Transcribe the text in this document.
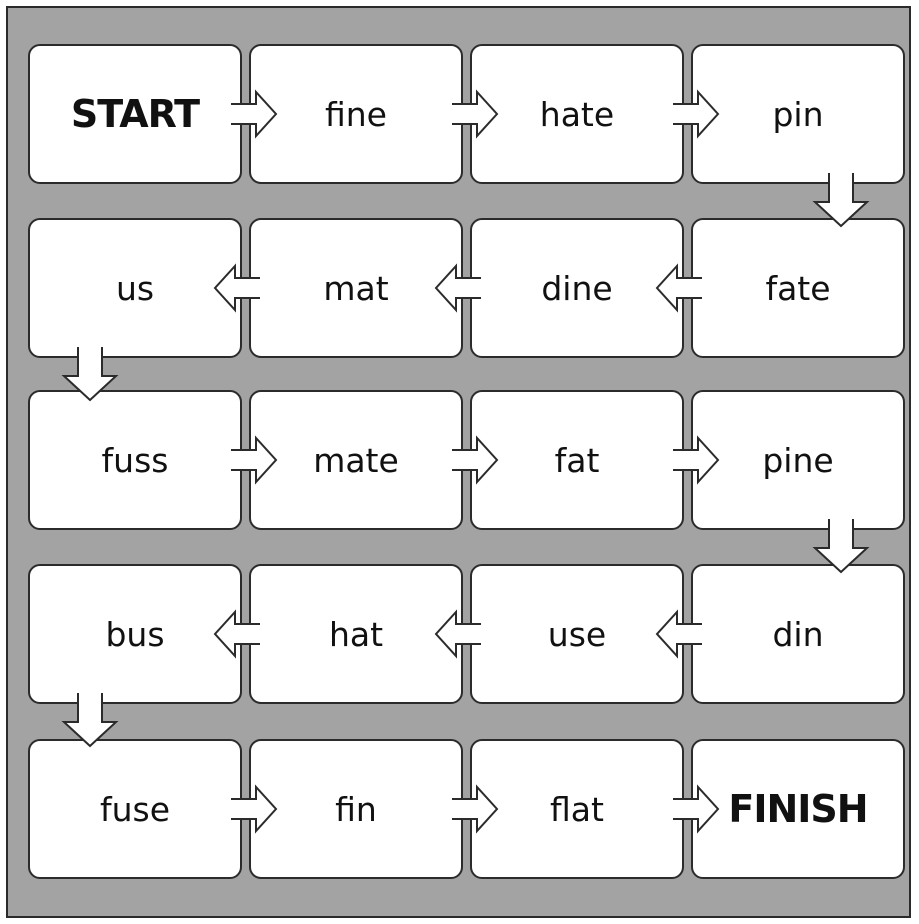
START	fine	hate	pin
us	mat	dine	fate
fuss	mate	fat	pine
bus	hat	use	din
fuse	fin	flat	FINISH
